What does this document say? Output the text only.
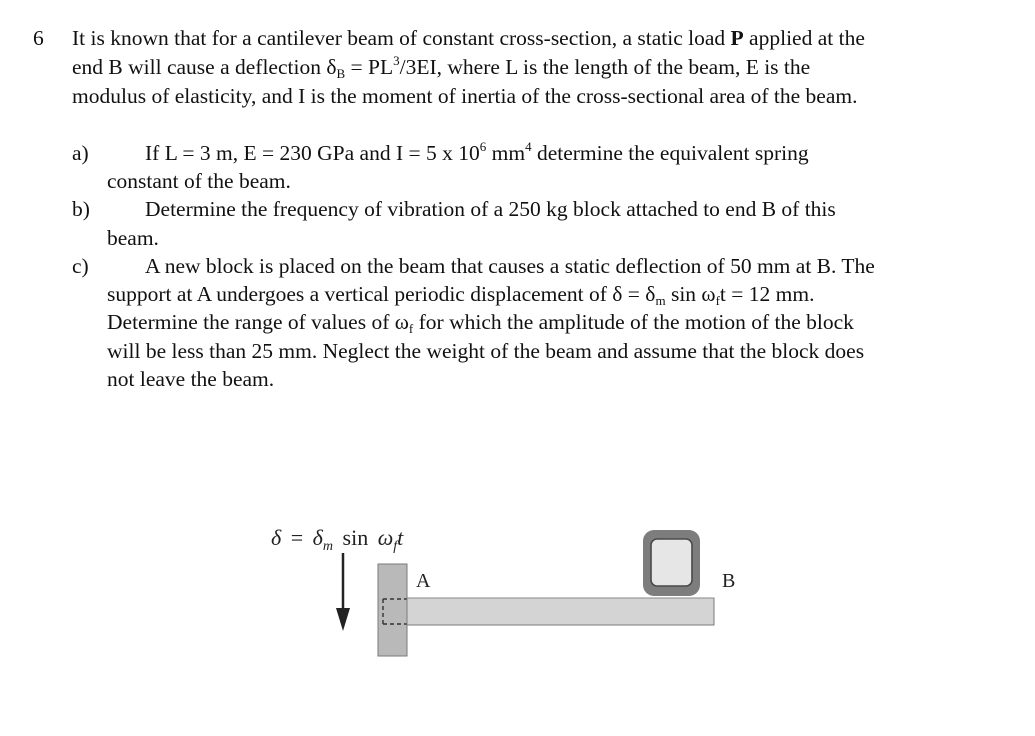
6 It is known that for a cantilever beam of constant cross-section, a static load P applied at the
end B will cause a deflection $\delta_B = PL^3/3EI$, where L is the length of the beam, E is the
modulus of elasticity, and I is the moment of inertia of the cross-sectional area of the beam.
a)	If L = 3 m, E = 230 GPa and I = 5 x $10^6$ $mm^4$ determine the equivalent spring
constant of the beam.
b)	Determine the frequency of vibration of a 250 kg block attached to end B of this
beam.
c)	A new block is placed on the beam that causes a static deflection of 50 mm at B. The
support at A undergoes a vertical periodic displacement of $\delta = \delta_m$ $\sin \omega_ft = 12$ mm.
Determine the range of values of $\omega_f$ for which the amplitude of the motion of the block
will be less than 25 mm. Neglect the weight of the beam and assume that the block does
not leave the beam.
$\delta = \delta_m$ $\sin \omega_ft$
A	B
